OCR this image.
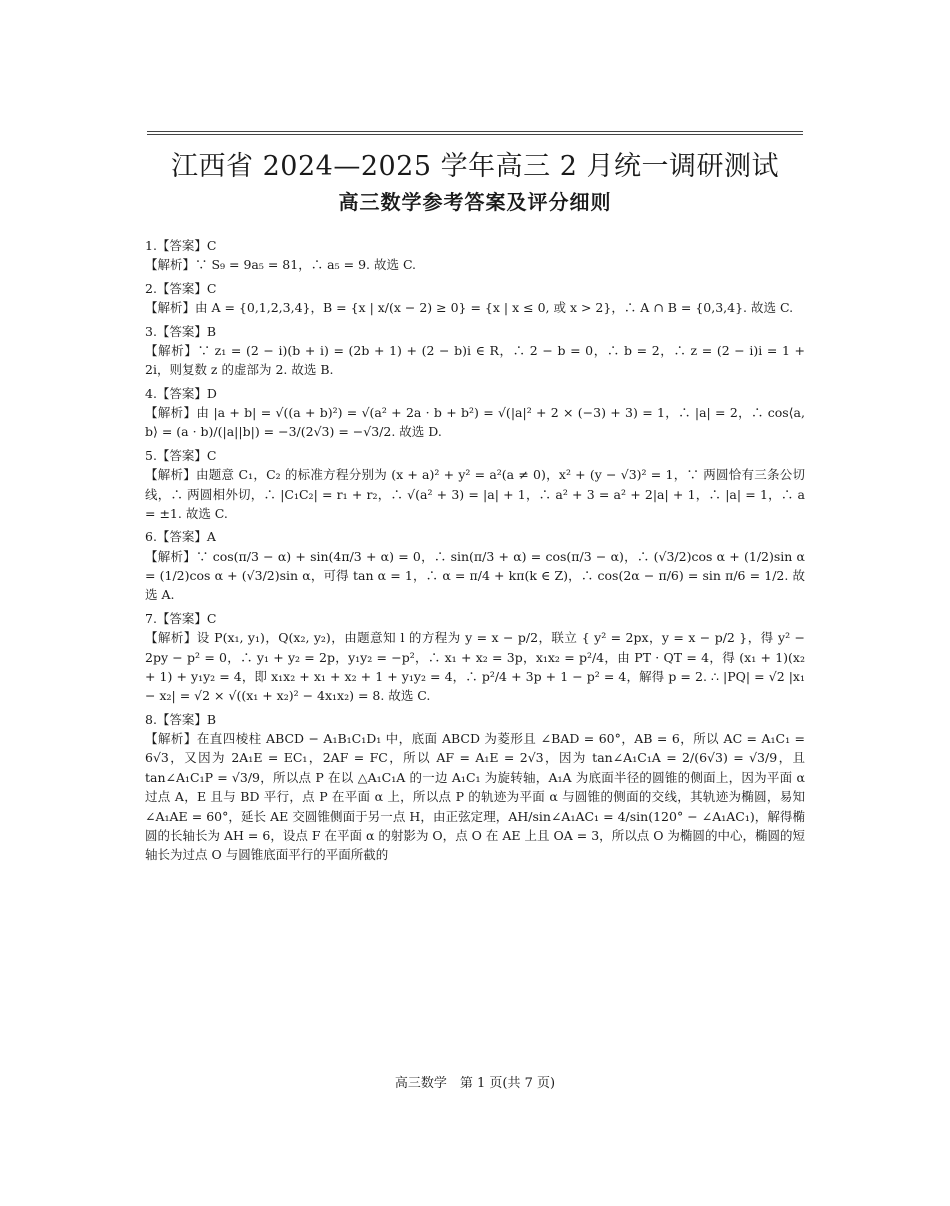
江西省 2024—2025 学年高三 2 月统一调研测试
高三数学参考答案及评分细则
1.【答案】C

【解析】∵ S₉ = 9a₅ = 81，∴ a₅ = 9. 故选 C.

2.【答案】C

【解析】由 A = {0,1,2,3,4}，B = {x | x/(x − 2) ≥ 0} = {x | x ≤ 0, 或 x > 2}，∴ A ∩ B = {0,3,4}. 故选 C.

3.【答案】B

【解析】∵ z₁ = (2 − i)(b + i) = (2b + 1) + (2 − b)i ∈ R，∴ 2 − b = 0，∴ b = 2，∴ z = (2 − i)i = 1 + 2i，则复数 z 的虚部为 2. 故选 B.

4.【答案】D

【解析】由 |a + b| = √((a + b)²) = √(a² + 2a · b + b²) = √(|a|² + 2 × (−3) + 3) = 1，∴ |a| = 2，∴ cos⟨a, b⟩ = (a · b)/(|a||b|) = −3/(2√3) = −√3/2. 故选 D.

5.【答案】C

【解析】由题意 C₁，C₂ 的标准方程分别为 (x + a)² + y² = a²(a ≠ 0)，x² + (y − √3)² = 1，∵ 两圆恰有三条公切线，∴ 两圆相外切，∴ |C₁C₂| = r₁ + r₂，∴ √(a² + 3) = |a| + 1，∴ a² + 3 = a² + 2|a| + 1，∴ |a| = 1，∴ a = ±1. 故选 C.

6.【答案】A

【解析】∵ cos(π/3 − α) + sin(4π/3 + α) = 0，∴ sin(π/3 + α) = cos(π/3 − α)，∴ (√3/2)cos α + (1/2)sin α = (1/2)cos α + (√3/2)sin α，可得 tan α = 1，∴ α = π/4 + kπ(k ∈ Z)，∴ cos(2α − π/6) = sin π/6 = 1/2. 故选 A.

7.【答案】C

【解析】设 P(x₁, y₁)，Q(x₂, y₂)，由题意知 l 的方程为 y = x − p/2，联立 { y² = 2px，y = x − p/2 }，得 y² − 2py − p² = 0，∴ y₁ + y₂ = 2p，y₁y₂ = −p²，∴ x₁ + x₂ = 3p，x₁x₂ = p²/4，由 PT · QT = 4，得 (x₁ + 1)(x₂ + 1) + y₁y₂ = 4，即 x₁x₂ + x₁ + x₂ + 1 + y₁y₂ = 4，∴ p²/4 + 3p + 1 − p² = 4，解得 p = 2. ∴ |PQ| = √2 |x₁ − x₂| = √2 × √((x₁ + x₂)² − 4x₁x₂) = 8. 故选 C.

8.【答案】B

【解析】在直四棱柱 ABCD − A₁B₁C₁D₁ 中，底面 ABCD 为菱形且 ∠BAD = 60°，AB = 6，所以 AC = A₁C₁ = 6√3，又因为 2A₁E = EC₁，2AF = FC，所以 AF = A₁E = 2√3，因为 tan∠A₁C₁A = 2/(6√3) = √3/9，且 tan∠A₁C₁P = √3/9，所以点 P 在以 △A₁C₁A 的一边 A₁C₁ 为旋转轴，A₁A 为底面半径的圆锥的侧面上，因为平面 α 过点 A，E 且与 BD 平行，点 P 在平面 α 上，所以点 P 的轨迹为平面 α 与圆锥的侧面的交线，其轨迹为椭圆，易知 ∠A₁AE = 60°，延长 AE 交圆锥侧面于另一点 H，由正弦定理，AH/sin∠A₁AC₁ = 4/sin(120° − ∠A₁AC₁)，解得椭圆的长轴长为 AH = 6，设点 F 在平面 α 的射影为 O，点 O 在 AE 上且 OA = 3，所以点 O 为椭圆的中心，椭圆的短轴长为过点 O 与圆锥底面平行的平面所截的

高三数学　第 1 页(共 7 页)
